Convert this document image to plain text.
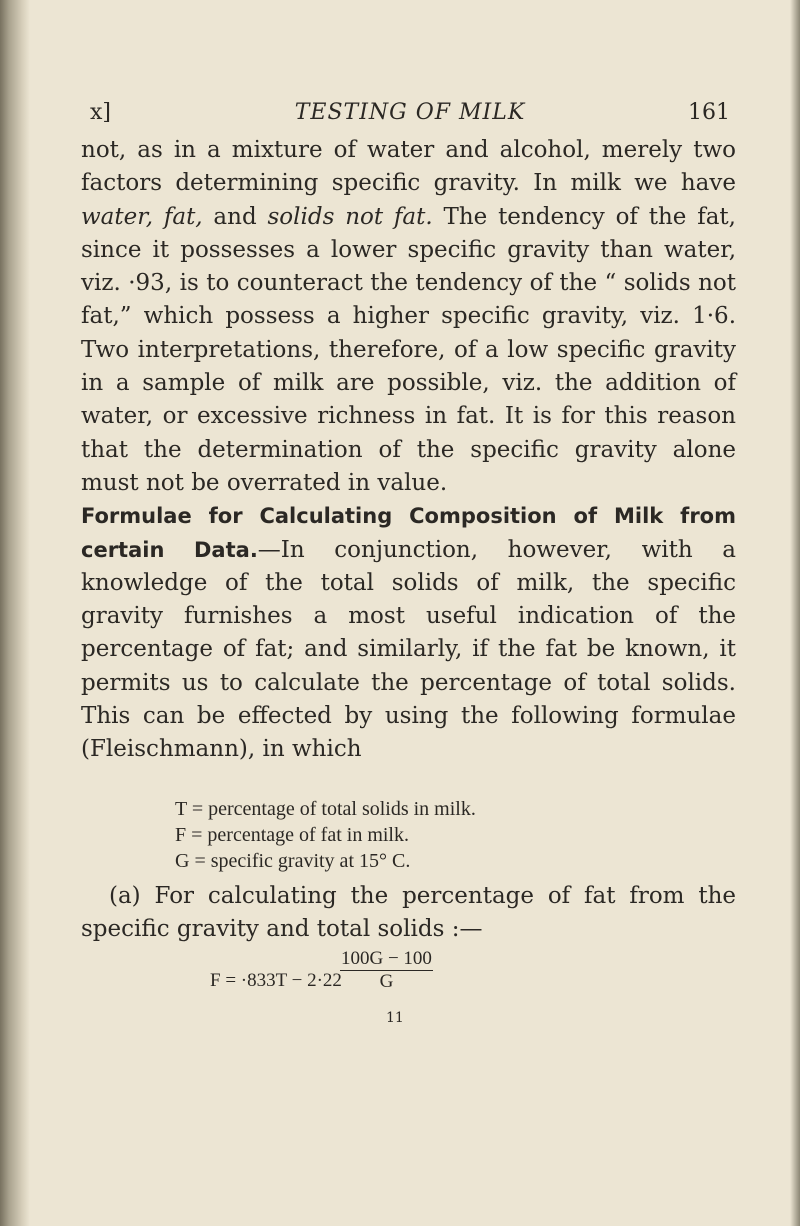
x]	TESTING OF MILK	161

not, as in a mixture of water and alcohol, merely two factors determining specific gravity. In milk we have water, fat, and solids not fat. The tendency of the fat, since it possesses a lower specific gravity than water, viz. ·93, is to counteract the tendency of the “ solids not fat,” which possess a higher specific gravity, viz. 1·6. Two interpretations, therefore, of a low specific gravity in a sample of milk are possible, viz. the addition of water, or excessive richness in fat. It is for this reason that the determination of the specific gravity alone must not be overrated in value.

Formulae for Calculating Composition of Milk from certain Data.—In conjunction, however, with a knowledge of the total solids of milk, the specific gravity furnishes a most useful indication of the percentage of fat; and similarly, if the fat be known, it permits us to calculate the percentage of total solids. This can be effected by using the following formulae (Fleischmann), in which

T = percentage of total solids in milk.
F = percentage of fat in milk.
G = specific gravity at 15° C.

(a) For calculating the percentage of fat from the specific gravity and total solids :—

F = ·833T − 2·22
$\frac{100G - 100}{G}$
11
